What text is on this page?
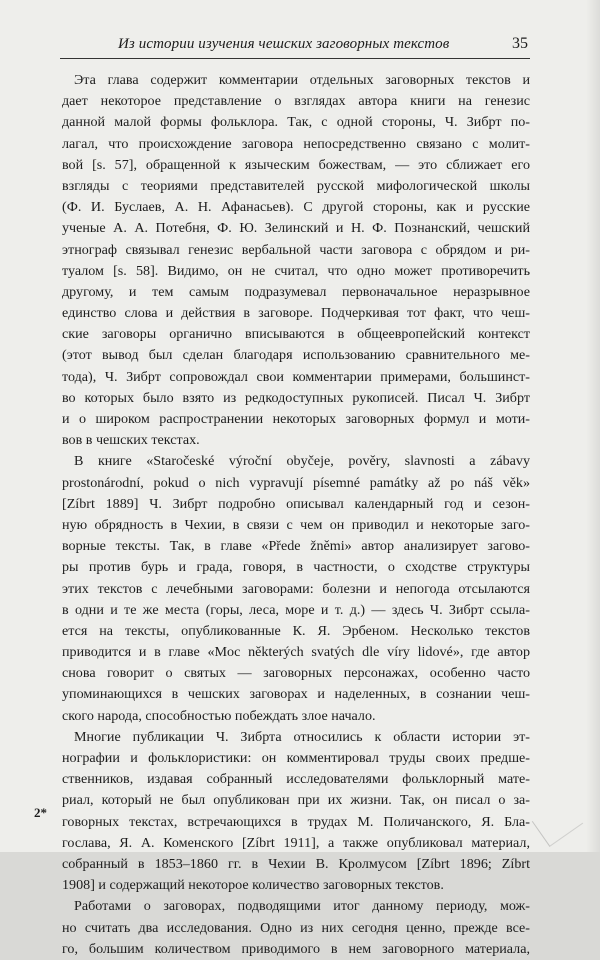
Из истории изучения чешских заговорных текстов	35
Эта глава содержит комментарии отдельных заговорных текстов и
дает некоторое представление о взглядах автора книги на генезис
данной малой формы фольклора. Так, с одной стороны, Ч. Зибрт по-
лагал, что происхождение заговора непосредственно связано с молит-
вой [s. 57], обращенной к языческим божествам, — это сближает его
взгляды с теориями представителей русской мифологической школы
(Ф. И. Буслаев, А. Н. Афанасьев). С другой стороны, как и русские
ученые А. А. Потебня, Ф. Ю. Зелинский и Н. Ф. Познанский, чешский
этнограф связывал генезис вербальной части заговора с обрядом и ри-
туалом [s. 58]. Видимо, он не считал, что одно может противоречить
другому, и тем самым подразумевал первоначальное неразрывное
единство слова и действия в заговоре. Подчеркивая тот факт, что чеш-
ские заговоры органично вписываются в общеевропейский контекст
(этот вывод был сделан благодаря использованию сравнительного ме-
тода), Ч. Зибрт сопровождал свои комментарии примерами, большинст-
во которых было взято из редкодоступных рукописей. Писал Ч. Зибрт
и о широком распространении некоторых заговорных формул и моти-
вов в чешских текстах.
В книге «Staročeské výroční obyčeje, pověry, slavnosti a zábavy
prostonárodní, pokud o nich vypravují písemné památky až po náš věk»
[Zíbrt 1889] Ч. Зибрт подробно описывал календарный год и сезон-
ную обрядность в Чехии, в связи с чем он приводил и некоторые заго-
ворные тексты. Так, в главе «Přede žněmi» автор анализирует загово-
ры против бурь и града, говоря, в частности, о сходстве структуры
этих текстов с лечебными заговорами: болезни и непогода отсылаются
в одни и те же места (горы, леса, море и т. д.) — здесь Ч. Зибрт ссыла-
ется на тексты, опубликованные К. Я. Эрбеном. Несколько текстов
приводится и в главе «Moc některých svatých dle víry lidové», где автор
снова говорит о святых — заговорных персонажах, особенно часто
упоминающихся в чешских заговорах и наделенных, в сознании чеш-
ского народа, способностью побеждать злое начало.
Многие публикации Ч. Зибрта относились к области истории эт-
нографии и фольклористики: он комментировал труды своих предше-
ственников, издавая собранный исследователями фольклорный мате-
риал, который не был опубликован при их жизни. Так, он писал о за-
говорных текстах, встречающихся в трудах М. Поличанского, Я. Бла-
гослава, Я. А. Коменского [Zíbrt 1911], а также опубликовал материал,
собранный в 1853–1860 гг. в Чехии В. Кролмусом [Zíbrt 1896; Zíbrt
1908] и содержащий некоторое количество заговорных текстов.
Работами о заговорах, подводящими итог данному периоду, мож-
но считать два исследования. Одно из них сегодня ценно, прежде все-
го, большим количеством приводимого в нем заговорного материала,
2*
